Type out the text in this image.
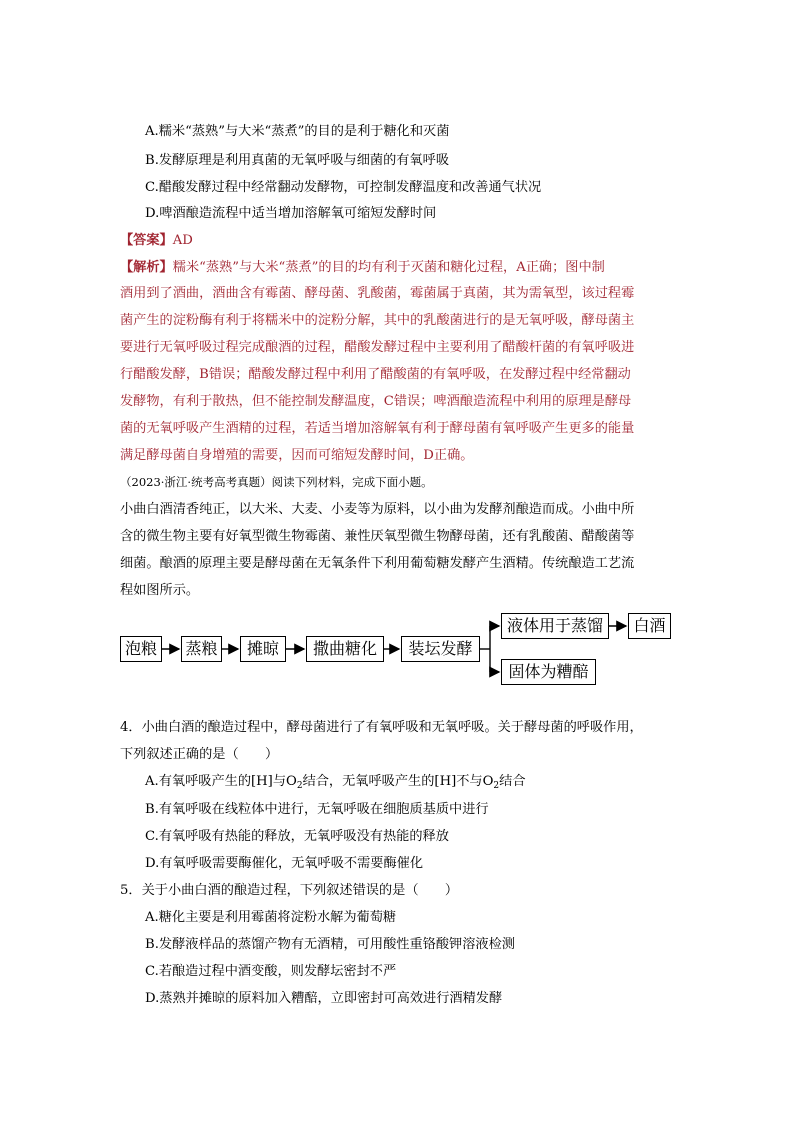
A.糯米“蒸熟”与大米“蒸煮”的目的是利于糖化和灭菌
B.发酵原理是利用真菌的无氧呼吸与细菌的有氧呼吸
C.醋酸发酵过程中经常翻动发酵物，可控制发酵温度和改善通气状况
D.啤酒酿造流程中适当增加溶解氧可缩短发酵时间
【答案】AD
【解析】糯米“蒸熟”与大米“蒸煮”的目的均有利于灭菌和糖化过程，A正确；图中制
酒用到了酒曲，酒曲含有霉菌、酵母菌、乳酸菌，霉菌属于真菌，其为需氧型，该过程霉
菌产生的淀粉酶有利于将糯米中的淀粉分解，其中的乳酸菌进行的是无氧呼吸，酵母菌主
要进行无氧呼吸过程完成酿酒的过程，醋酸发酵过程中主要利用了醋酸杆菌的有氧呼吸进
行醋酸发酵，B错误；醋酸发酵过程中利用了醋酸菌的有氧呼吸，在发酵过程中经常翻动
发酵物，有利于散热，但不能控制发酵温度，C错误；啤酒酿造流程中利用的原理是酵母
菌的无氧呼吸产生酒精的过程，若适当增加溶解氧有利于酵母菌有氧呼吸产生更多的能量
满足酵母菌自身增殖的需要，因而可缩短发酵时间，D正确。
（2023·浙江·统考高考真题）阅读下列材料，完成下面小题。
小曲白酒清香纯正，以大米、大麦、小麦等为原料，以小曲为发酵剂酿造而成。小曲中所
含的微生物主要有好氧型微生物霉菌、兼性厌氧型微生物酵母菌，还有乳酸菌、醋酸菌等
细菌。酿酒的原理主要是酵母菌在无氧条件下利用葡萄糖发酵产生酒精。传统酿造工艺流
程如图所示。
泡粮	蒸粮	摊晾	撒曲糖化	装坛发酵
液体用于蒸馏	白酒
固体为糟醅
4．小曲白酒的酿造过程中，酵母菌进行了有氧呼吸和无氧呼吸。关于酵母菌的呼吸作用，
下列叙述正确的是（　　）
A.有氧呼吸产生的[H]与$O_2$结合，无氧呼吸产生的[H]不与$O_2$结合
B.有氧呼吸在线粒体中进行，无氧呼吸在细胞质基质中进行
C.有氧呼吸有热能的释放，无氧呼吸没有热能的释放
D.有氧呼吸需要酶催化，无氧呼吸不需要酶催化
5．关于小曲白酒的酿造过程，下列叙述错误的是（　　）
A.糖化主要是利用霉菌将淀粉水解为葡萄糖
B.发酵液样品的蒸馏产物有无酒精，可用酸性重铬酸钾溶液检测
C.若酿造过程中酒变酸，则发酵坛密封不严
D.蒸熟并摊晾的原料加入糟醅，立即密封可高效进行酒精发酵
